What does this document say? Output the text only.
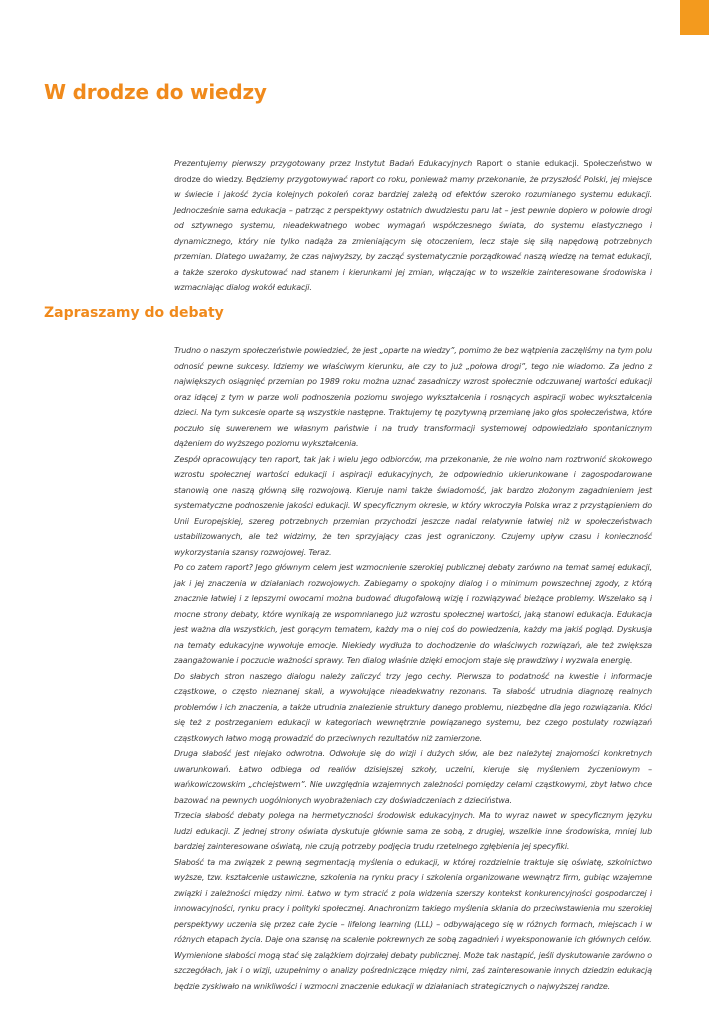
W drodze do wiedzy

Prezentujemy pierwszy przygotowany przez Instytut Badań Edukacyjnych Raport o stanie edukacji. Społeczeństwo w drodze do wiedzy. Będziemy przygotowywać raport co roku, ponieważ mamy przekonanie, że przyszłość Polski, jej miejsce w świecie i jakość życia kolejnych pokoleń coraz bardziej zależą od efektów szeroko rozumianego systemu edukacji. Jednocześnie sama edukacja – patrząc z perspektywy ostatnich dwudziestu paru lat – jest pewnie dopiero w połowie drogi od sztywnego systemu, nieadekwatnego wobec wymagań współczesnego świata, do systemu elastycznego i dynamicznego, który nie tylko nadąża za zmieniającym się otoczeniem, lecz staje się siłą napędową potrzebnych przemian. Dlatego uważamy, że czas najwyższy, by zacząć systematycznie porządkować naszą wiedzę na temat edukacji, a także szeroko dyskutować nad stanem i kierunkami jej zmian, włączając w to wszelkie zainteresowane środowiska i wzmacniając dialog wokół edukacji.

Zapraszamy do debaty

Trudno o naszym społeczeństwie powiedzieć, że jest „oparte na wiedzy”, pomimo że bez wątpienia zaczęliśmy na tym polu odnosić pewne sukcesy. Idziemy we właściwym kierunku, ale czy to już „połowa drogi”, tego nie wiadomo. Za jedno z największych osiągnięć przemian po 1989 roku można uznać zasadniczy wzrost społecznie odczuwanej wartości edukacji oraz idącej z tym w parze woli podnoszenia poziomu swojego wykształcenia i rosnących aspiracji wobec wykształcenia dzieci. Na tym sukcesie oparte są wszystkie następne. Traktujemy tę pozytywną przemianę jako głos społeczeństwa, które poczuło się suwerenem we własnym państwie i na trudy transformacji systemowej odpowiedziało spontanicznym dążeniem do wyższego poziomu wykształcenia.

Zespół opracowujący ten raport, tak jak i wielu jego odbiorców, ma przekonanie, że nie wolno nam roztrwonić skokowego wzrostu społecznej wartości edukacji i aspiracji edukacyjnych, że odpowiednio ukierunkowane i zagospodarowane stanowią one naszą główną siłę rozwojową. Kieruje nami także świadomość, jak bardzo złożonym zagadnieniem jest systematyczne podnoszenie jakości edukacji. W specyficznym okresie, w który wkroczyła Polska wraz z przystąpieniem do Unii Europejskiej, szereg potrzebnych przemian przychodzi jeszcze nadal relatywnie łatwiej niż w społeczeństwach ustabilizowanych, ale też widzimy, że ten sprzyjający czas jest ograniczony. Czujemy upływ czasu i konieczność wykorzystania szansy rozwojowej. Teraz.

Po co zatem raport? Jego głównym celem jest wzmocnienie szerokiej publicznej debaty zarówno na temat samej edukacji, jak i jej znaczenia w działaniach rozwojowych. Zabiegamy o spokojny dialog i o minimum powszechnej zgody, z którą znacznie łatwiej i z lepszymi owocami można budować długofalową wizję i rozwiązywać bieżące problemy. Wszelako są i mocne strony debaty, które wynikają ze wspomnianego już wzrostu społecznej wartości, jaką stanowi edukacja. Edukacja jest ważna dla wszystkich, jest gorącym tematem, każdy ma o niej coś do powiedzenia, każdy ma jakiś pogląd. Dyskusja na tematy edukacyjne wywołuje emocje. Niekiedy wydłuża to dochodzenie do właściwych rozwiązań, ale też zwiększa zaangażowanie i poczucie ważności sprawy. Ten dialog właśnie dzięki emocjom staje się prawdziwy i wyzwala energię.

Do słabych stron naszego dialogu należy zaliczyć trzy jego cechy. Pierwsza to podatność na kwestie i informacje cząstkowe, o często nieznanej skali, a wywołujące nieadekwatny rezonans. Ta słabość utrudnia diagnozę realnych problemów i ich znaczenia, a także utrudnia znalezienie struktury danego problemu, niezbędne dla jego rozwiązania. Kłóci się też z postrzeganiem edukacji w kategoriach wewnętrznie powiązanego systemu, bez czego postulaty rozwiązań cząstkowych łatwo mogą prowadzić do przeciwnych rezultatów niż zamierzone.

Druga słabość jest niejako odwrotna. Odwołuje się do wizji i dużych słów, ale bez należytej znajomości konkretnych uwarunkowań. Łatwo odbiega od realiów dzisiejszej szkoły, uczelni, kieruje się myśleniem życzeniowym – wańkowiczowskim „chciejstwem”. Nie uwzględnia wzajemnych zależności pomiędzy celami cząstkowymi, zbyt łatwo chce bazować na pewnych uogólnionych wyobrażeniach czy doświadczeniach z dzieciństwa.

Trzecia słabość debaty polega na hermetyczności środowisk edukacyjnych. Ma to wyraz nawet w specyficznym języku ludzi edukacji. Z jednej strony oświata dyskutuje głównie sama ze sobą, z drugiej, wszelkie inne środowiska, mniej lub bardziej zainteresowane oświatą, nie czują potrzeby podjęcia trudu rzetelnego zgłębienia jej specyfiki.

Słabość ta ma związek z pewną segmentacją myślenia o edukacji, w której rozdzielnie traktuje się oświatę, szkolnictwo wyższe, tzw. kształcenie ustawiczne, szkolenia na rynku pracy i szkolenia organizowane wewnątrz firm, gubiąc wzajemne związki i zależności między nimi. Łatwo w tym stracić z pola widzenia szerszy kontekst konkurencyjności gospodarczej i innowacyjności, rynku pracy i polityki społecznej. Anachronizm takiego myślenia skłania do przeciwstawienia mu szerokiej perspektywy uczenia się przez całe życie – lifelong learning (LLL) – odbywającego się w różnych formach, miejscach i w różnych etapach życia. Daje ona szansę na scalenie pokrewnych ze sobą zagadnień i wyeksponowanie ich głównych celów.

Wymienione słabości mogą stać się zalążkiem dojrzałej debaty publicznej. Może tak nastąpić, jeśli dyskutowanie zarówno o szczegółach, jak i o wizji, uzupełnimy o analizy pośredniczące między nimi, zaś zainteresowanie innych dziedzin edukacją będzie zyskiwało na wnikliwości i wzmocni znaczenie edukacji w działaniach strategicznych o najwyższej randze.
